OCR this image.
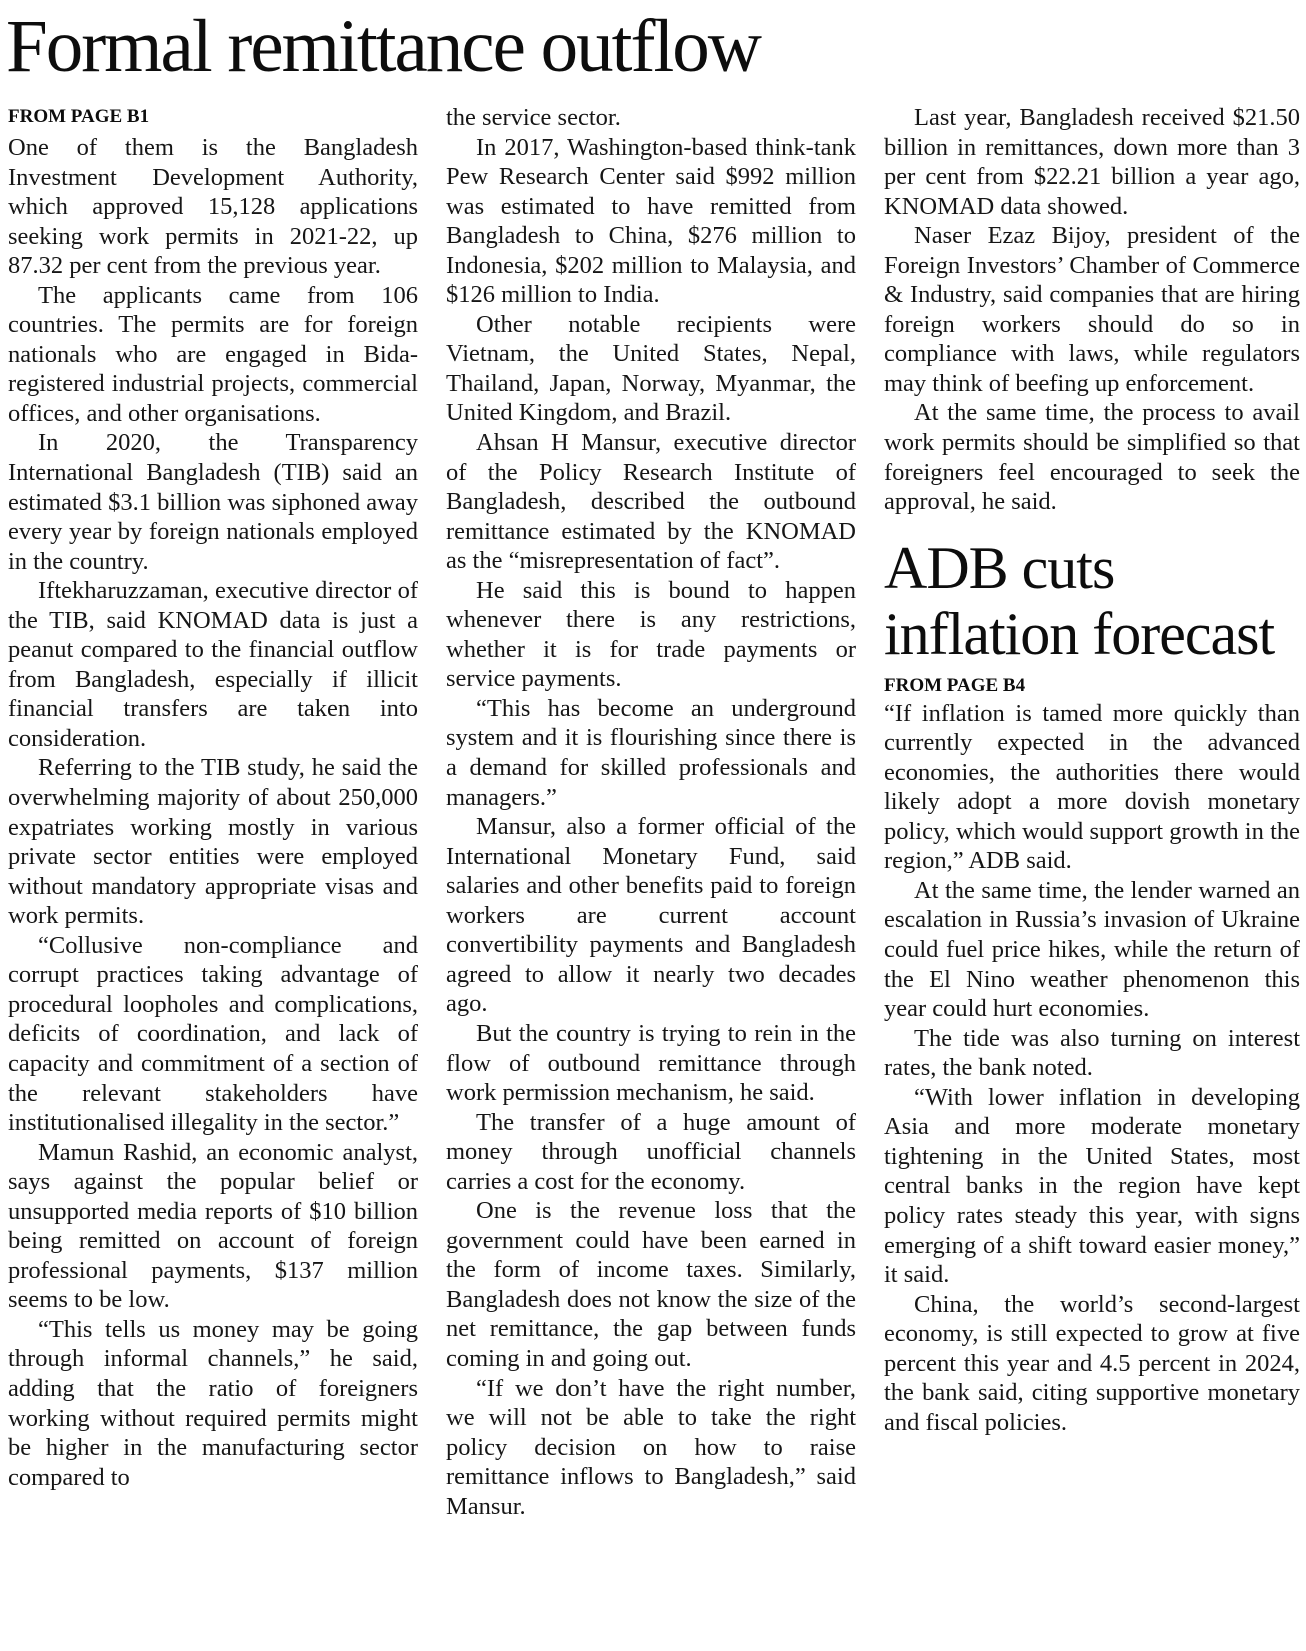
Formal remittance outflow
FROM PAGE B1

One of them is the Bangladesh Investment Development Authority, which approved 15,128 applications seeking work permits in 2021-22, up 87.32 per cent from the previous year.

The applicants came from 106 countries. The permits are for foreign nationals who are engaged in Bida-registered industrial projects, commercial offices, and other organisations.

In 2020, the Transparency International Bangladesh (TIB) said an estimated $3.1 billion was siphoned away every year by foreign nationals employed in the country.

Iftekharuzzaman, executive director of the TIB, said KNOMAD data is just a peanut compared to the financial outflow from Bangladesh, especially if illicit financial transfers are taken into consideration.

Referring to the TIB study, he said the overwhelming majority of about 250,000 expatriates working mostly in various private sector entities were employed without mandatory appropriate visas and work permits.

“Collusive non-compliance and corrupt practices taking advantage of procedural loopholes and complications, deficits of coordination, and lack of capacity and commitment of a section of the relevant stakeholders have institutionalised illegality in the sector.”

Mamun Rashid, an economic analyst, says against the popular belief or unsupported media reports of $10 billion being remitted on account of foreign professional payments, $137 million seems to be low.

“This tells us money may be going through informal channels,” he said, adding that the ratio of foreigners working without required permits might be higher in the manufacturing sector compared to

the service sector.

In 2017, Washington-based think-tank Pew Research Center said $992 million was estimated to have remitted from Bangladesh to China, $276 million to Indonesia, $202 million to Malaysia, and $126 million to India.

Other notable recipients were Vietnam, the United States, Nepal, Thailand, Japan, Norway, Myanmar, the United Kingdom, and Brazil.

Ahsan H Mansur, executive director of the Policy Research Institute of Bangladesh, described the outbound remittance estimated by the KNOMAD as the “misrepresentation of fact”.

He said this is bound to happen whenever there is any restrictions, whether it is for trade payments or service payments.

“This has become an underground system and it is flourishing since there is a demand for skilled professionals and managers.”

Mansur, also a former official of the International Monetary Fund, said salaries and other benefits paid to foreign workers are current account convertibility payments and Bangladesh agreed to allow it nearly two decades ago.

But the country is trying to rein in the flow of outbound remittance through work permission mechanism, he said.

The transfer of a huge amount of money through unofficial channels carries a cost for the economy.

One is the revenue loss that the government could have been earned in the form of income taxes. Similarly, Bangladesh does not know the size of the net remittance, the gap between funds coming in and going out.

“If we don’t have the right number, we will not be able to take the right policy decision on how to raise remittance inflows to Bangladesh,” said Mansur.

Last year, Bangladesh received $21.50 billion in remittances, down more than 3 per cent from $22.21 billion a year ago, KNOMAD data showed.

Naser Ezaz Bijoy, president of the Foreign Investors’ Chamber of Commerce & Industry, said companies that are hiring foreign workers should do so in compliance with laws, while regulators may think of beefing up enforcement.

At the same time, the process to avail work permits should be simplified so that foreigners feel encouraged to seek the approval, he said.

ADB cuts inflation forecast
FROM PAGE B4

“If inflation is tamed more quickly than currently expected in the advanced economies, the authorities there would likely adopt a more dovish monetary policy, which would support growth in the region,” ADB said.

At the same time, the lender warned an escalation in Russia’s invasion of Ukraine could fuel price hikes, while the return of the El Nino weather phenomenon this year could hurt economies.

The tide was also turning on interest rates, the bank noted.

“With lower inflation in developing Asia and more moderate monetary tightening in the United States, most central banks in the region have kept policy rates steady this year, with signs emerging of a shift toward easier money,” it said.

China, the world’s second-largest economy, is still expected to grow at five percent this year and 4.5 percent in 2024, the bank said, citing supportive monetary and fiscal policies.
